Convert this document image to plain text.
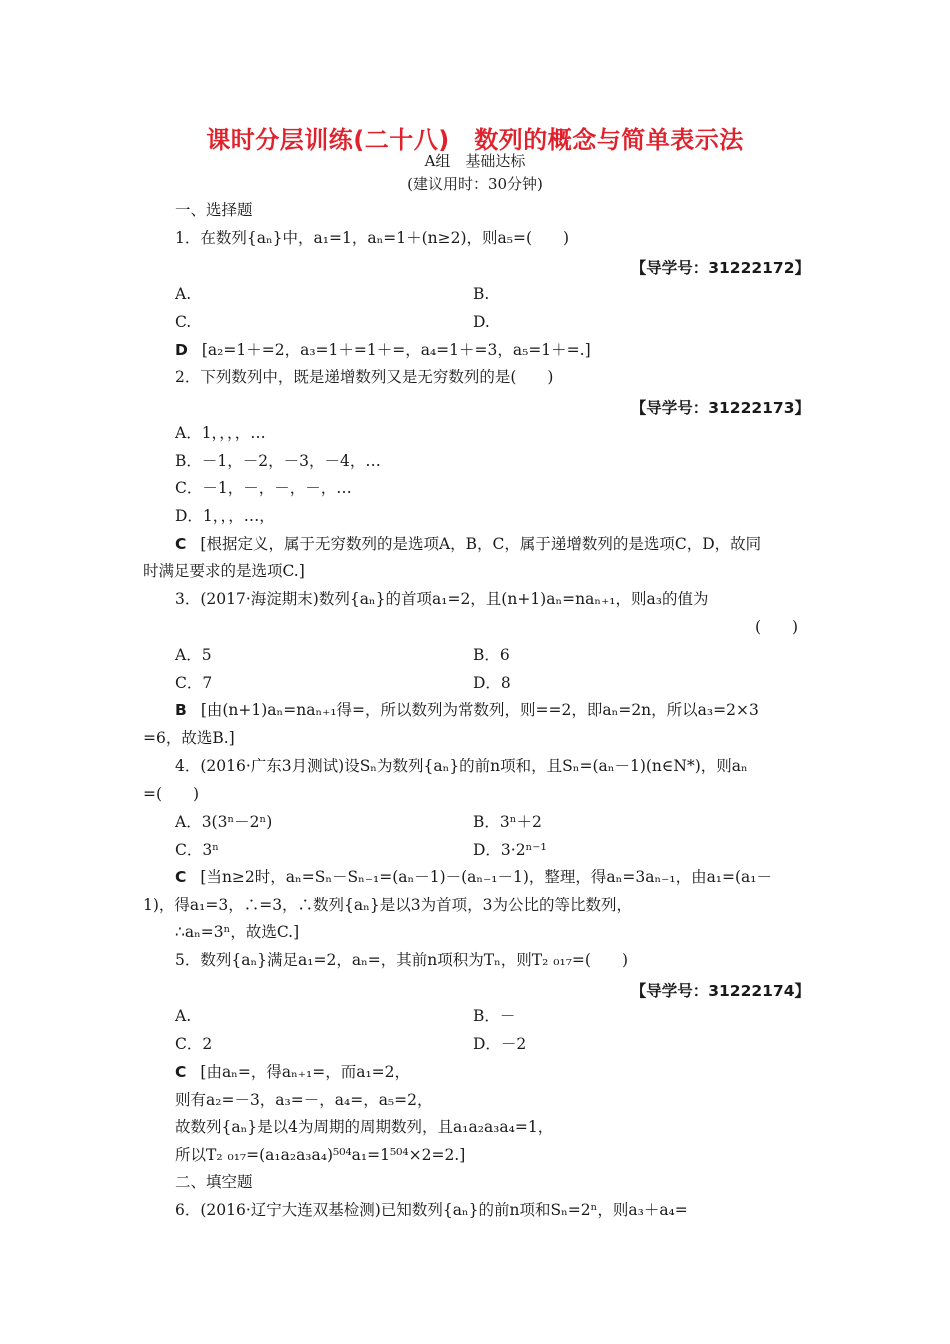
课时分层训练(二十八)　数列的概念与简单表示法
A组　基础达标
(建议用时：30分钟)
一、选择题
1．在数列{aₙ}中，a₁=1，aₙ=1＋(n≥2)，则a₅=(　　)
【导学号：31222172】
A.	B.
C.	D.
D [a₂=1＋=2，a₃=1＋=1＋=，a₄=1＋=3，a₅=1＋=.]
2．下列数列中，既是递增数列又是无穷数列的是(　　)
【导学号：31222173】
A．1，，，，…
B．－1，－2，－3，－4，…
C．－1，－，－，－，…
D．1，，，…，
C [根据定义，属于无穷数列的是选项A，B，C，属于递增数列的是选项C，D，故同
时满足要求的是选项C.]
3．(2017·海淀期末)数列{aₙ}的首项a₁=2，且(n+1)aₙ=naₙ₊₁，则a₃的值为
(　　)
A．5	B．6
C．7	D．8
B [由(n+1)aₙ=naₙ₊₁得=，所以数列为常数列，则==2，即aₙ=2n，所以a₃=2×3
=6，故选B.]
4．(2016·广东3月测试)设Sₙ为数列{aₙ}的前n项和，且Sₙ=(aₙ－1)(n∈N*)，则aₙ
=(　　)
A．3(3ⁿ－2ⁿ)	B．3ⁿ＋2
C．3ⁿ	D．3·2ⁿ⁻¹
C [当n≥2时，aₙ=Sₙ－Sₙ₋₁=(aₙ－1)－(aₙ₋₁－1)，整理，得aₙ=3aₙ₋₁，由a₁=(a₁－
1)，得a₁=3，∴=3，∴数列{aₙ}是以3为首项，3为公比的等比数列，
∴aₙ=3ⁿ，故选C.]
5．数列{aₙ}满足a₁=2，aₙ=，其前n项积为Tₙ，则T₂ ₀₁₇=(　　)
【导学号：31222174】
A.	B．－
C．2	D．－2
C [由aₙ=，得aₙ₊₁=，而a₁=2，
则有a₂=－3，a₃=－，a₄=，a₅=2，
故数列{aₙ}是以4为周期的周期数列，且a₁a₂a₃a₄=1，
所以T₂ ₀₁₇=(a₁a₂a₃a₄)⁵⁰⁴a₁=1⁵⁰⁴×2=2.]
二、填空题
6．(2016·辽宁大连双基检测)已知数列{aₙ}的前n项和Sₙ=2ⁿ，则a₃＋a₄=
